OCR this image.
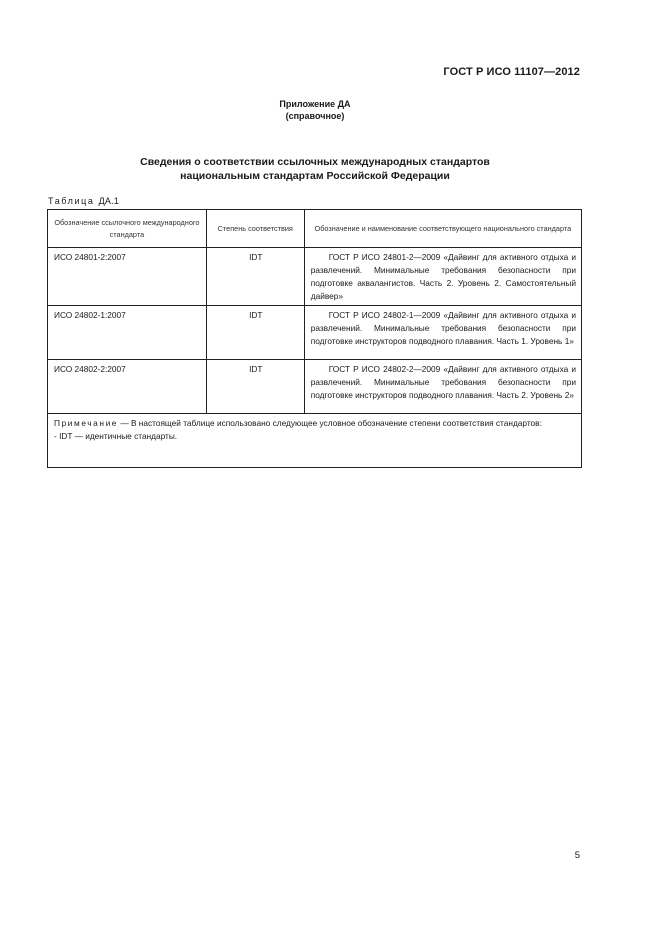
ГОСТ Р ИСО 11107—2012
Приложение ДА
(справочное)
Сведения о соответствии ссылочных международных стандартов
национальным стандартам Российской Федерации
Таблица ДА.1
Обозначение ссылочного международного стандарта	Степень соответствия	Обозначение и наименование соответствующего национального стандарта
ИСО 24801-2:2007	IDT	ГОСТ Р ИСО 24801-2—2009 «Дайвинг для активного отдыха и развлечений. Минимальные требования безопасности при подготовке аквалангистов. Часть 2. Уровень 2. Самостоятельный дайвер»

ИСО 24802-1:2007	IDT	ГОСТ Р ИСО 24802-1—2009 «Дайвинг для активного отдыха и развлечений. Минимальные требования безопасности при подготовке инструкторов подводного плавания. Часть 1. Уровень 1»

ИСО 24802-2:2007	IDT	ГОСТ Р ИСО 24802-2—2009 «Дайвинг для активного отдыха и развлечений. Минимальные требования безопасности при подготовке инструкторов подводного плавания. Часть 2. Уровень 2»

Примечание — В настоящей таблице использовано следующее условное обозначение степени соответствия стандартов:
- IDT — идентичные стандарты.		
5
